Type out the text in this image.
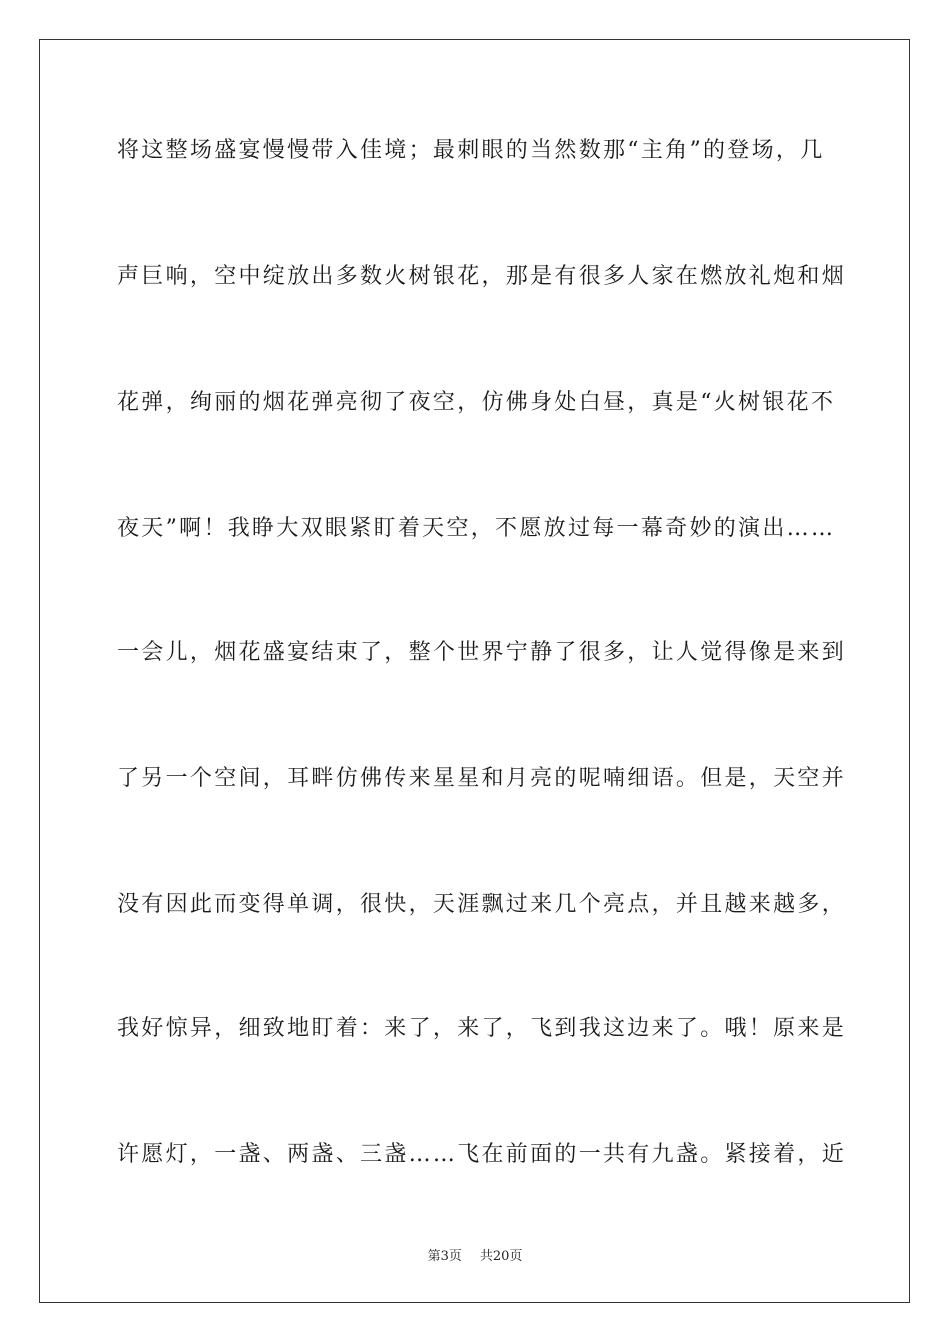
将这整场盛宴慢慢带入佳境；最刺眼的当然数那“主角”的登场，几
声巨响，空中绽放出多数火树银花，那是有很多人家在燃放礼炮和烟
花弹，绚丽的烟花弹亮彻了夜空，仿佛身处白昼，真是“火树银花不
夜天”啊！我睁大双眼紧盯着天空，不愿放过每一幕奇妙的演出……
一会儿，烟花盛宴结束了，整个世界宁静了很多，让人觉得像是来到
了另一个空间，耳畔仿佛传来星星和月亮的呢喃细语。但是，天空并
没有因此而变得单调，很快，天涯飘过来几个亮点，并且越来越多，
我好惊异，细致地盯着：来了，来了，飞到我这边来了。哦！原来是
许愿灯，一盏、两盏、三盏……飞在前面的一共有九盏。紧接着，近
第3页 共20页
